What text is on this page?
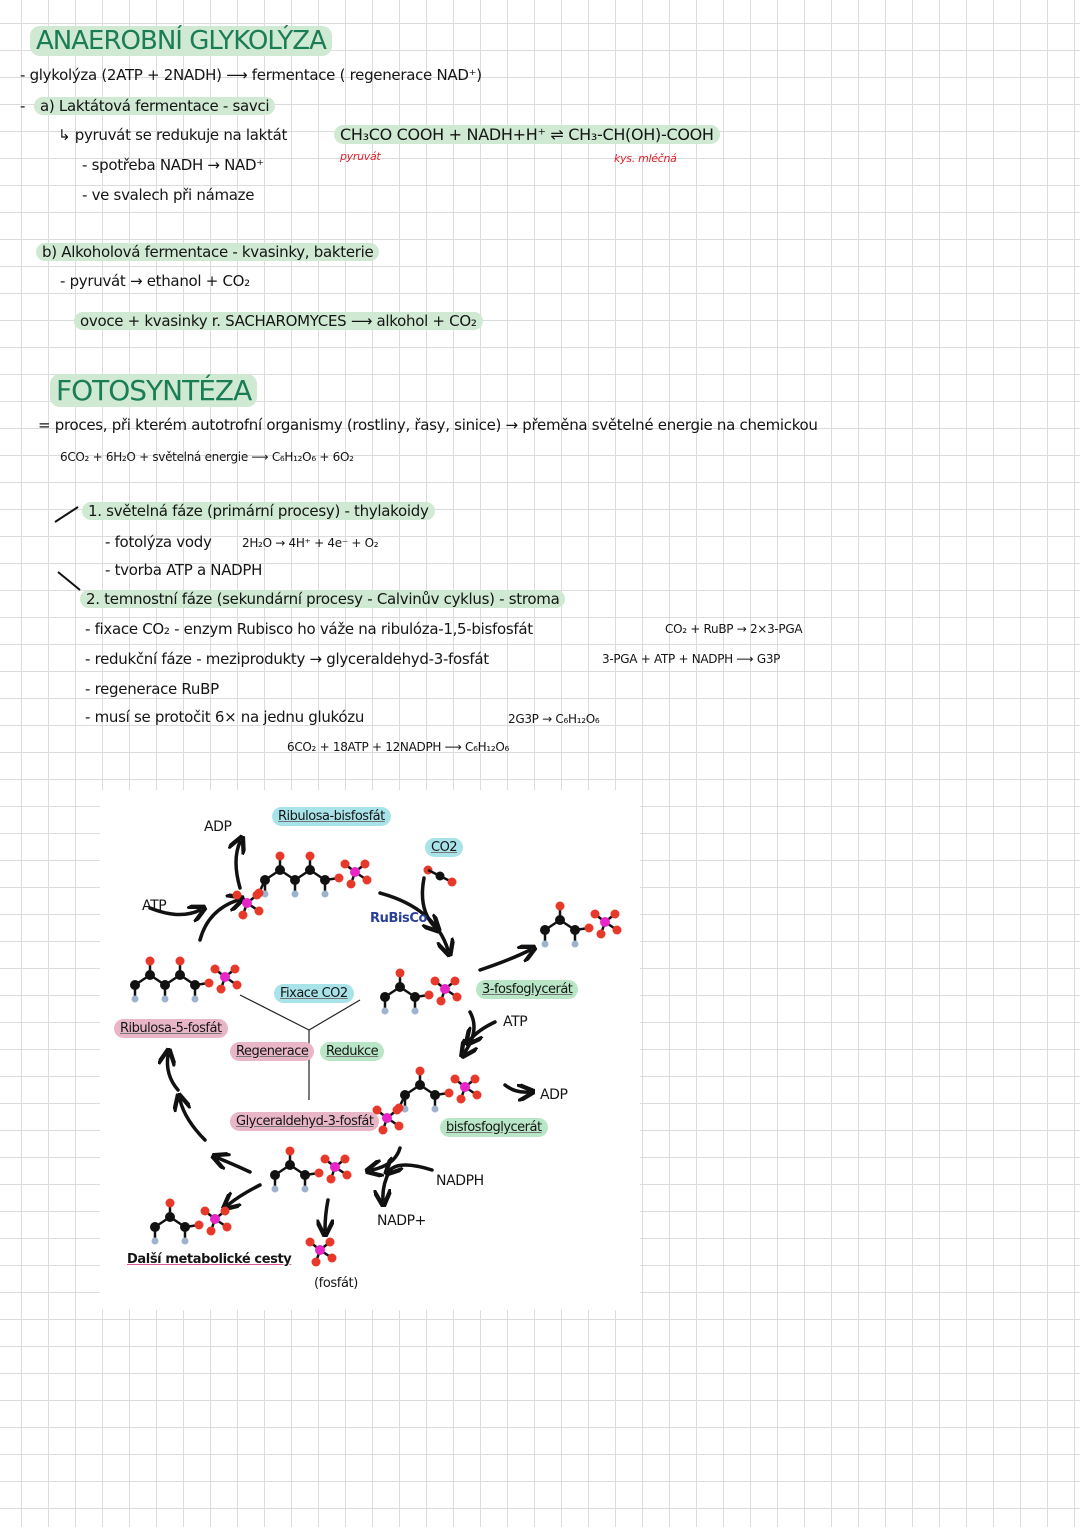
ANAEROBNÍ GLYKOLÝZA
- glykolýza (2ATP + 2NADH) ⟶ fermentace ( regenerace NAD⁺)
- a) Laktátová fermentace - savci
↳ pyruvát se redukuje na laktát	CH₃CO COOH + NADH+H⁺ ⇌ CH₃-CH(OH)-COOH
pyruvát	kys. mléčná
- spotřeba NADH → NAD⁺
- ve svalech při námaze
b) Alkoholová fermentace - kvasinky, bakterie
- pyruvát → ethanol + CO₂
ovoce + kvasinky r. SACHAROMYCES ⟶ alkohol + CO₂
FOTOSYNTÉZA
= proces, při kterém autotrofní organismy (rostliny, řasy, sinice) → přeměna světelné energie na chemickou
6CO₂ + 6H₂O + světelná energie ⟶ C₆H₁₂O₆ + 6O₂
1. světelná fáze (primární procesy) - thylakoidy
- fotolýza vody	2H₂O → 4H⁺ + 4e⁻ + O₂
- tvorba ATP a NADPH
2. temnostní fáze (sekundární procesy - Calvinův cyklus) - stroma
- fixace CO₂ - enzym Rubisco ho váže na ribulóza-1,5-bisfosfát	CO₂ + RuBP → 2×3-PGA
- redukční fáze - meziprodukty → glyceraldehyd-3-fosfát	3-PGA + ATP + NADPH ⟶ G3P
- regenerace RuBP
- musí se protočit 6× na jednu glukózu	2G3P → C₆H₁₂O₆
6CO₂ + 18ATP + 12NADPH ⟶ C₆H₁₂O₆
ADP
Ribulosa-bisfosfát
CO2
ATP
RuBisCo
3-fosfoglycerát
Fixace CO2
Ribulosa-5-fosfát	ATP
Regenerace	Redukce
ADP
Glyceraldehyd-3-fosfát	bisfosfoglycerát
NADPH
NADP+
Další metabolické cesty
(fosfát)
